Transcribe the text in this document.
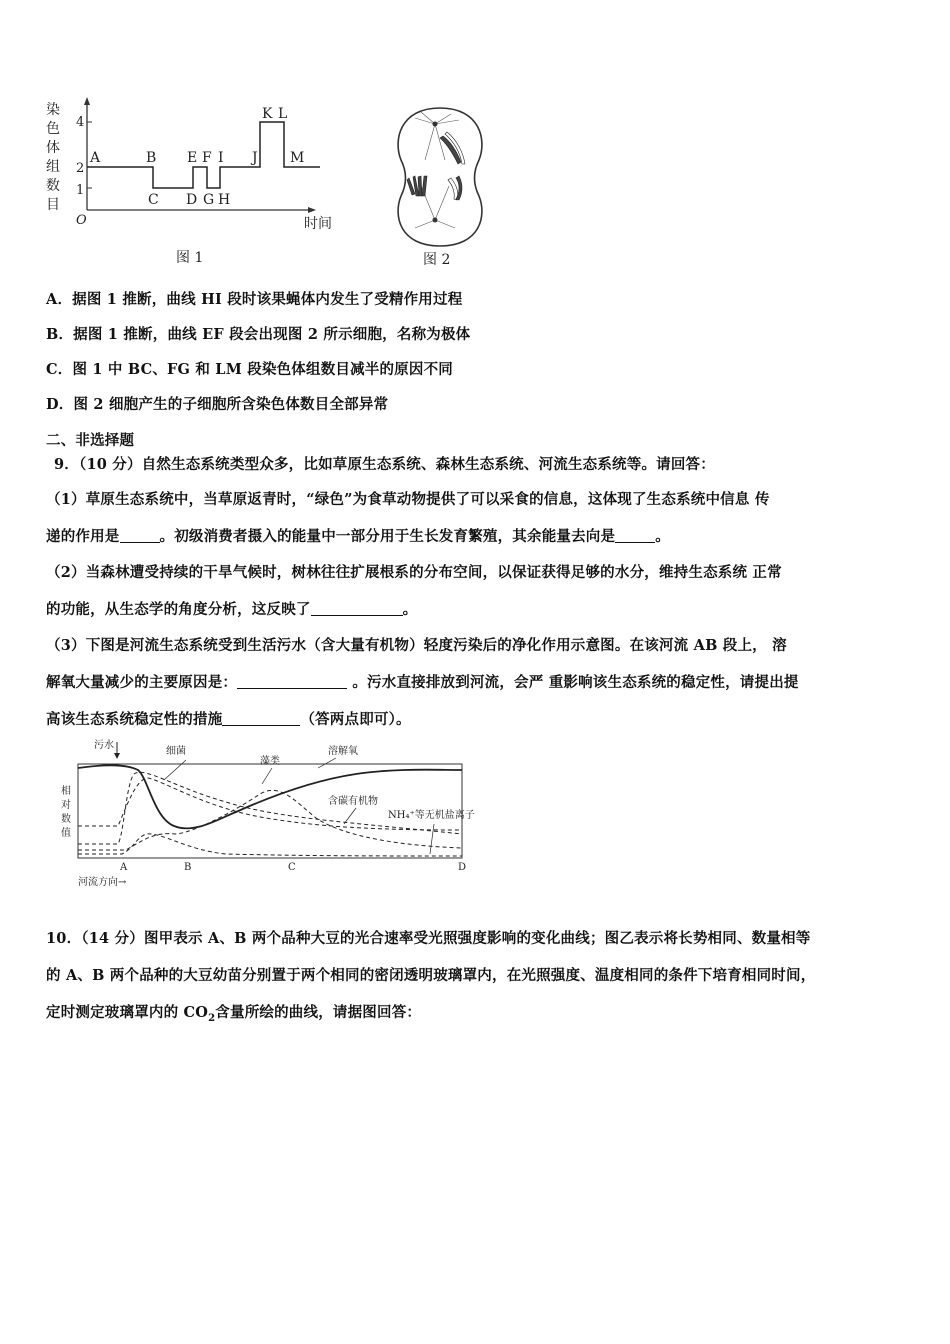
染
色
体
组
数
目
4
2
1
O
A	B E F I J
K L
M
C D G H
时间
图 1	图 2
A．据图 1 推断，曲线 HI 段时该果蝇体内发生了受精作用过程
B．据图 1 推断，曲线 EF 段会出现图 2 所示细胞，名称为极体
C．图 1 中 BC、FG 和 LM 段染色体组数目减半的原因不同
D．图 2 细胞产生的子细胞所含染色体数目全部异常
二、非选择题
9．（10 分）自然生态系统类型众多，比如草原生态系统、森林生态系统、河流生态系统等。请回答：
（1）草原生态系统中，当草原返青时，“绿色”为食草动物提供了可以采食的信息，这体现了生态系统中信息 传
递的作用是	。初级消费者摄入的能量中一部分用于生长发育繁殖，其余能量去向是	。
（2）当森林遭受持续的干旱气候时，树林往往扩展根系的分布空间，以保证获得足够的水分，维持生态系统 正常
的功能，从生态学的角度分析，这反映了	。
（3）下图是河流生态系统受到生活污水（含大量有机物）轻度污染后的净化作用示意图。在该河流 AB 段上， 溶
解氧大量减少的主要原因是：	。污水直接排放到河流，会严 重影响该生态系统的稳定性，请提出提
高该生态系统稳定性的措施	（答两点即可）。
相
对
数
值
污水
细菌
藻类
溶解氧
含碳有机物
NH₄⁺等无机盐离子
A	B	C	D
河流方向→
10．（14 分）图甲表示 A、B 两个品种大豆的光合速率受光照强度影响的变化曲线；图乙表示将长势相同、数量相等
的 A、B 两个品种的大豆幼苗分别置于两个相同的密闭透明玻璃罩内，在光照强度、温度相同的条件下培育相同时间，
定时测定玻璃罩内的 $CO_2$含量所绘的曲线，请据图回答：
